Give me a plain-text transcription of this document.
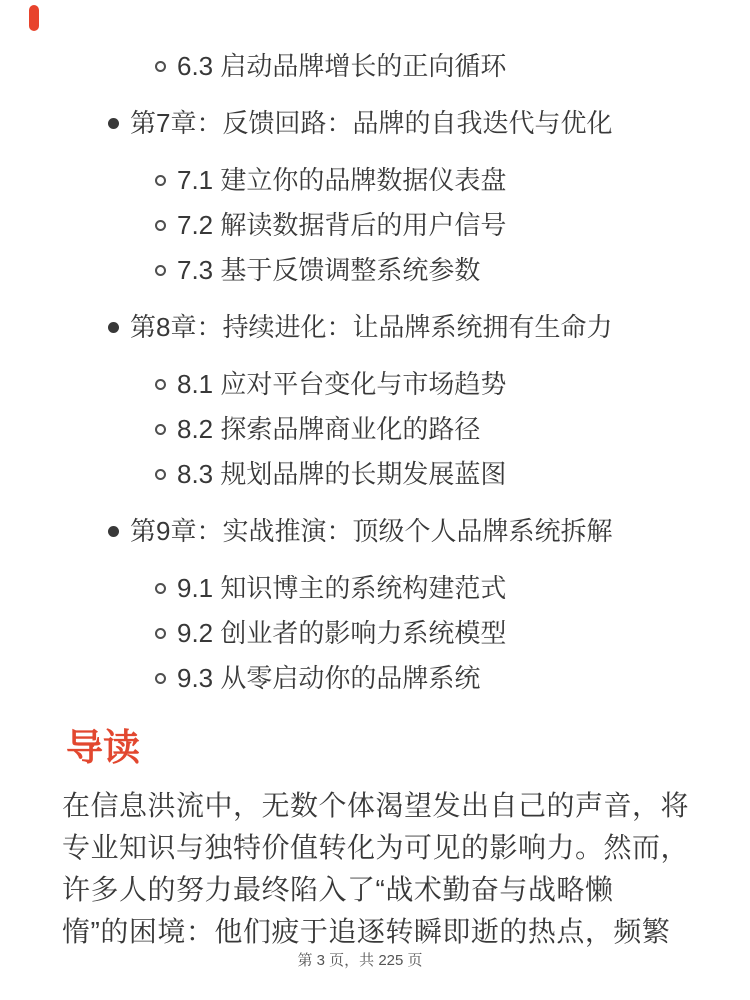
6.3 启动品牌增长的正向循环
第7章：反馈回路：品牌的自我迭代与优化
7.1 建立你的品牌数据仪表盘
7.2 解读数据背后的用户信号
7.3 基于反馈调整系统参数
第8章：持续进化：让品牌系统拥有生命力
8.1 应对平台变化与市场趋势
8.2 探索品牌商业化的路径
8.3 规划品牌的长期发展蓝图
第9章：实战推演：顶级个人品牌系统拆解
9.1 知识博主的系统构建范式
9.2 创业者的影响力系统模型
9.3 从零启动你的品牌系统
导读
在信息洪流中，无数个体渴望发出自己的声音，将
专业知识与独特价值转化为可见的影响力。然而，
许多人的努力最终陷入了“战术勤奋与战略懒
惰”的困境：他们疲于追逐转瞬即逝的热点，频繁
第 3 页，共 225 页
